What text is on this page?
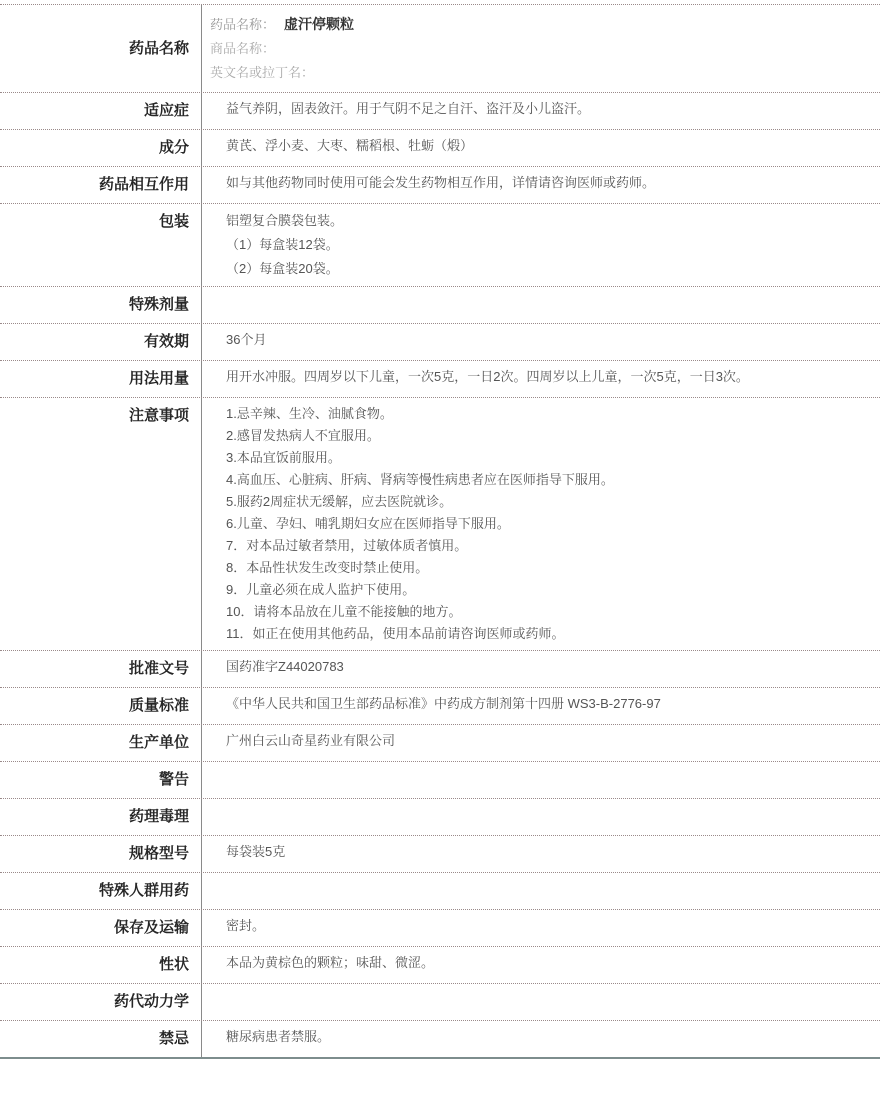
药品名称
药品名称： 虚汗停颗粒
商品名称：
英文名或拉丁名：
适应症	益气养阴，固表敛汗。用于气阴不足之自汗、盗汗及小儿盗汗。
成分	黄芪、浮小麦、大枣、糯稻根、牡蛎（煅）
药品相互作用	如与其他药物同时使用可能会发生药物相互作用，详情请咨询医师或药师。
包装	铝塑复合膜袋包装。
（1）每盒装12袋。
（2）每盒装20袋。
特殊剂量
有效期	36个月
用法用量	用开水冲服。四周岁以下儿童，一次5克，一日2次。四周岁以上儿童，一次5克，一日3次。
注意事项	1.忌辛辣、生冷、油腻食物。
2.感冒发热病人不宜服用。
3.本品宜饭前服用。
4.高血压、心脏病、肝病、肾病等慢性病患者应在医师指导下服用。
5.服药2周症状无缓解，应去医院就诊。
6.儿童、孕妇、哺乳期妇女应在医师指导下服用。
7．对本品过敏者禁用，过敏体质者慎用。
8．本品性状发生改变时禁止使用。
9．儿童必须在成人监护下使用。
10．请将本品放在儿童不能接触的地方。
11．如正在使用其他药品，使用本品前请咨询医师或药师。
批准文号	国药准字Z44020783
质量标准	《中华人民共和国卫生部药品标准》中药成方制剂第十四册 WS3-B-2776-97
生产单位	广州白云山奇星药业有限公司
警告
药理毒理
规格型号	每袋装5克
特殊人群用药
保存及运输	密封。
性状	本品为黄棕色的颗粒；味甜、微涩。
药代动力学
禁忌	糖尿病患者禁服。
